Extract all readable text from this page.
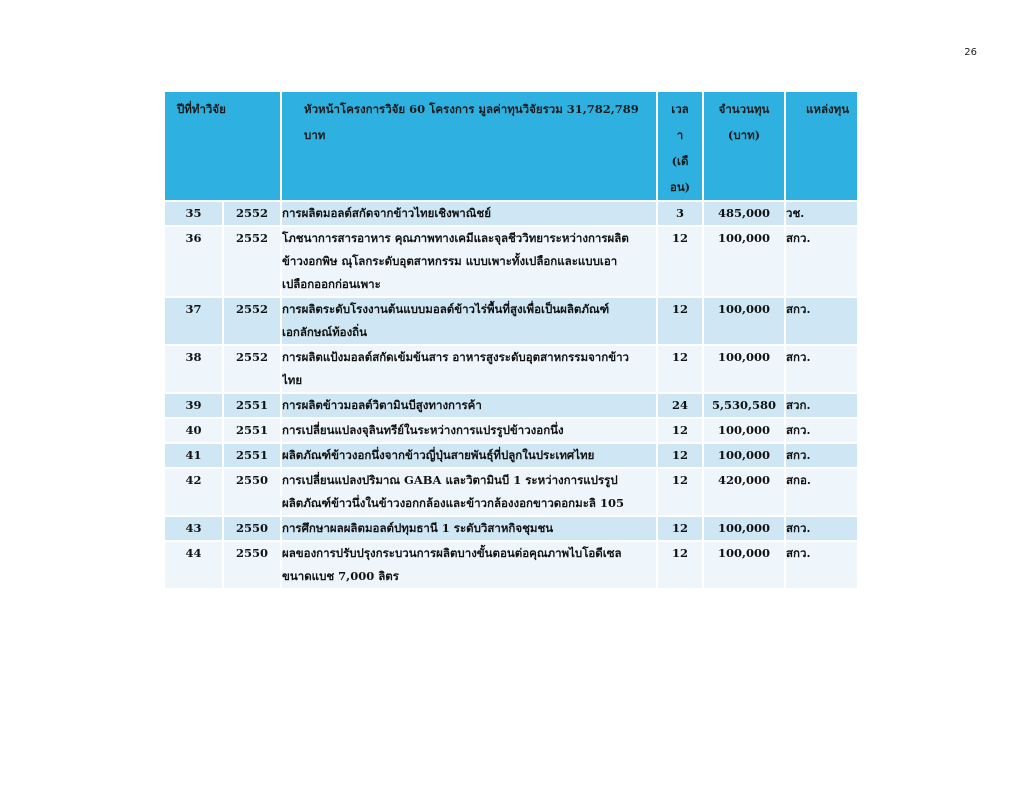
26
ปีที่ทำวิจัย		หัวหน้าโครงการวิจัย 60 โครงการ มูลค่าทุนวิจัยรวม 31,782,789 บาท	เวล
า
(เดื
อน)	จำนวนทุน
(บาท)	แหล่งทุน
35	2552	การผลิตมอลต์สกัดจากข้าวไทยเชิงพาณิชย์	3	485,000	วช.
36	2552	โภชนาการสารอาหาร คุณภาพทางเคมีและจุลชีววิทยาระหว่างการผลิต
ข้าวงอกพิษ ณุโลกระดับอุตสาหกรรม แบบเพาะทั้งเปลือกและแบบเอา
เปลือกออกก่อนเพาะ	12	100,000	สกว.
37	2552	การผลิตระดับโรงงานต้นแบบมอลต์ข้าวไร่พื้นที่สูงเพื่อเป็นผลิตภัณฑ์
เอกลักษณ์ท้องถิ่น	12	100,000	สกว.
38	2552	การผลิตแป้งมอลต์สกัดเข้มข้นสาร อาหารสูงระดับอุตสาหกรรมจากข้าว
ไทย	12	100,000	สกว.
39	2551	การผลิตข้าวมอลต์วิตามินบีสูงทางการค้า	24	5,530,580	สวก.
40	2551	การเปลี่ยนแปลงจุลินทรีย์ในระหว่างการแปรรูปข้าวงอกนึ่ง	12	100,000	สกว.
41	2551	ผลิตภัณฑ์ข้าวงอกนึ่งจากข้าวญี่ปุ่นสายพันธุ์ที่ปลูกในประเทศไทย	12	100,000	สกว.
42	2550	การเปลี่ยนแปลงปริมาณ GABA และวิตามินบี 1 ระหว่างการแปรรูป
ผลิตภัณฑ์ข้าวนึ่งในข้าวงอกกล้องและข้าวกล้องงอกขาวดอกมะลิ 105	12	420,000	สกอ.
43	2550	การศึกษาผลผลิตมอลต์ปทุมธานี 1 ระดับวิสาหกิจชุมชน	12	100,000	สกว.
44	2550	ผลของการปรับปรุงกระบวนการผลิตบางขั้นตอนต่อคุณภาพไบโอดีเซล
ขนาดแบช 7,000 ลิตร	12	100,000	สกว.
